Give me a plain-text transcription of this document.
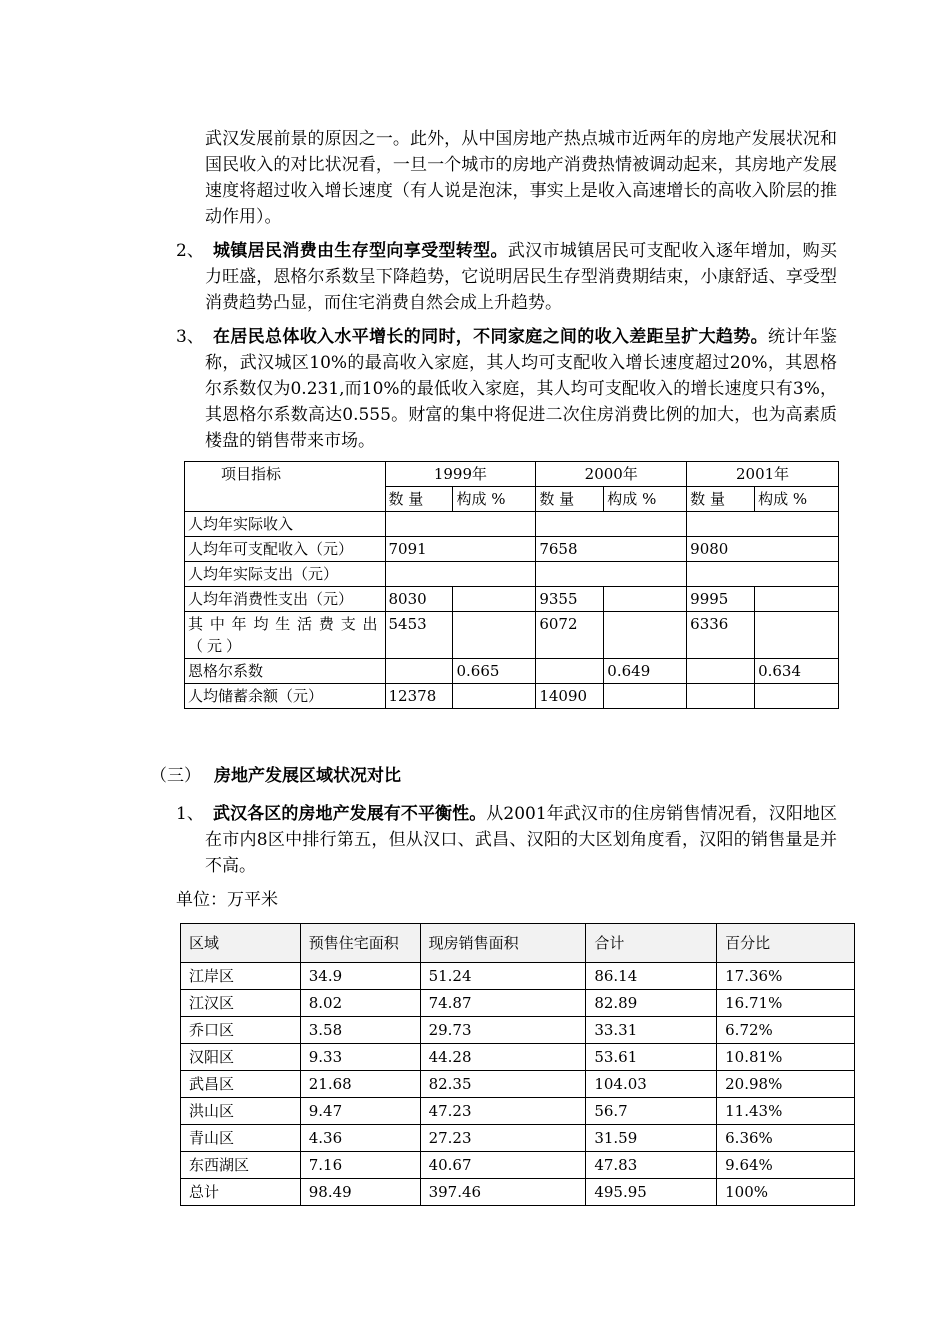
武汉发展前景的原因之一。此外，从中国房地产热点城市近两年的房地产发展状况和国民收入的对比状况看，一旦一个城市的房地产消费热情被调动起来，其房地产发展速度将超过收入增长速度（有人说是泡沫，事实上是收入高速增长的高收入阶层的推动作用）。
2、 城镇居民消费由生存型向享受型转型。武汉市城镇居民可支配收入逐年增加，购买力旺盛，恩格尔系数呈下降趋势，它说明居民生存型消费期结束，小康舒适、享受型消费趋势凸显，而住宅消费自然会成上升趋势。
3、 在居民总体收入水平增长的同时，不同家庭之间的收入差距呈扩大趋势。统计年鉴称，武汉城区10%的最高收入家庭，其人均可支配收入增长速度超过20%，其恩格尔系数仅为0.231,而10%的最低收入家庭，其人均可支配收入的增长速度只有3%，其恩格尔系数高达0.555。财富的集中将促进二次住房消费比例的加大，也为高素质楼盘的销售带来市场。
项目指标	1999年		2000年		2001年	
	数 量	构成 %	数 量	构成 %	数 量	构成 %
人均年实际收入						
人均年可支配收入（元）	7091		7658		9080	
人均年实际支出（元）						
人均年消费性支出（元）	8030		9355		9995	
其中年均生活费支出（元）	5453		6072		6336	
恩格尔系数		0.665		0.649		0.634
人均储蓄余额（元）	12378		14090			
（三） 房地产发展区域状况对比
1、 武汉各区的房地产发展有不平衡性。从2001年武汉市的住房销售情况看，汉阳地区在市内8区中排行第五，但从汉口、武昌、汉阳的大区划角度看，汉阳的销售量是并不高。
单位：万平米
区域	预售住宅面积	现房销售面积	合计	百分比
江岸区	34.9	51.24	86.14	17.36%
江汉区	8.02	74.87	82.89	16.71%
乔口区	3.58	29.73	33.31	6.72%
汉阳区	9.33	44.28	53.61	10.81%
武昌区	21.68	82.35	104.03	20.98%
洪山区	9.47	47.23	56.7	11.43%
青山区	4.36	27.23	31.59	6.36%
东西湖区	7.16	40.67	47.83	9.64%
总计	98.49	397.46	495.95	100%
